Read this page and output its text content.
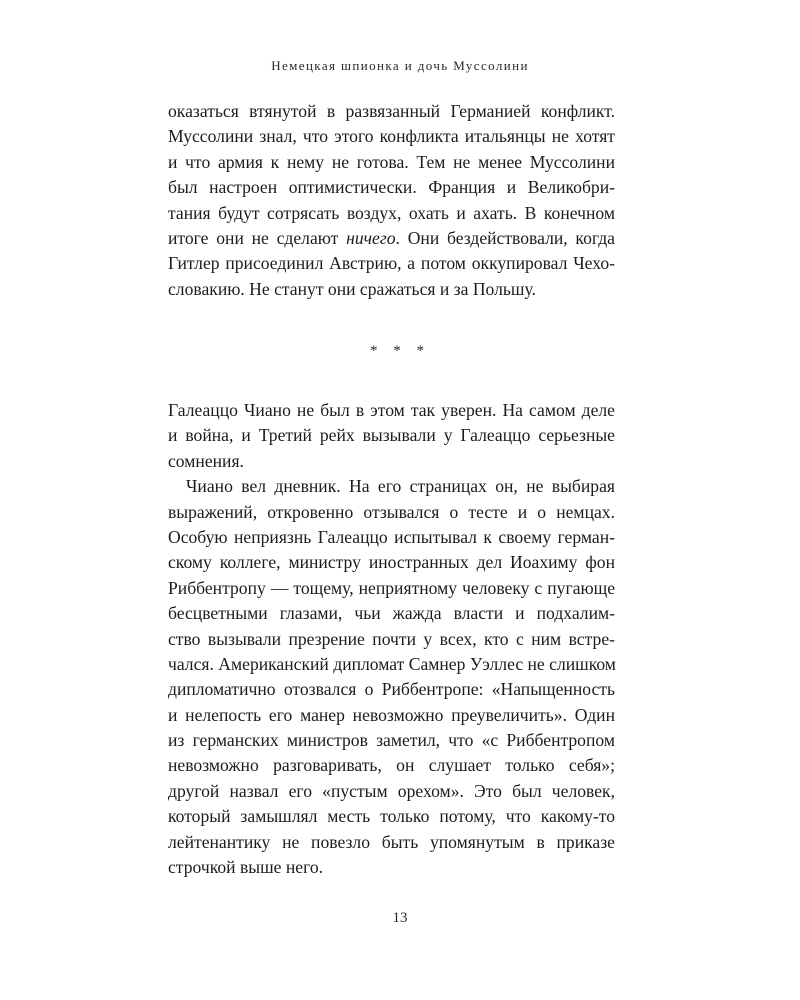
Немецкая шпионка и дочь Муссолини
оказаться втянутой в развязанный Германией конфликт.
Муссолини знал, что этого конфликта итальянцы не хотят
и что армия к нему не готова. Тем не менее Муссолини
был настроен оптимистически. Франция и Великобри-
тания будут сотрясать воздух, охать и ахать. В конечном
итоге они не сделают ничего. Они бездействовали, когда
Гитлер присоединил Австрию, а потом оккупировал Чехо-
словакию. Не станут они сражаться и за Польшу.
* * *
Галеаццо Чиано не был в этом так уверен. На самом деле
и война, и Третий рейх вызывали у Галеаццо серьезные
сомнения.
Чиано вел дневник. На его страницах он, не выбирая
выражений, откровенно отзывался о тесте и о немцах.
Особую неприязнь Галеаццо испытывал к своему герман-
скому коллеге, министру иностранных дел Иоахиму фон
Риббентропу — тощему, неприятному человеку с пугающе
бесцветными глазами, чьи жажда власти и подхалим-
ство вызывали презрение почти у всех, кто с ним встре-
чался. Американский дипломат Самнер Уэллес не слишком
дипломатично отозвался о Риббентропе: «Напыщенность
и нелепость его манер невозможно преувеличить». Один
из германских министров заметил, что «с Риббентропом
невозможно разговаривать, он слушает только себя»;
другой назвал его «пустым орехом». Это был человек,
который замышлял месть только потому, что какому-то
лейтенантику не повезло быть упомянутым в приказе
строчкой выше него.
13
